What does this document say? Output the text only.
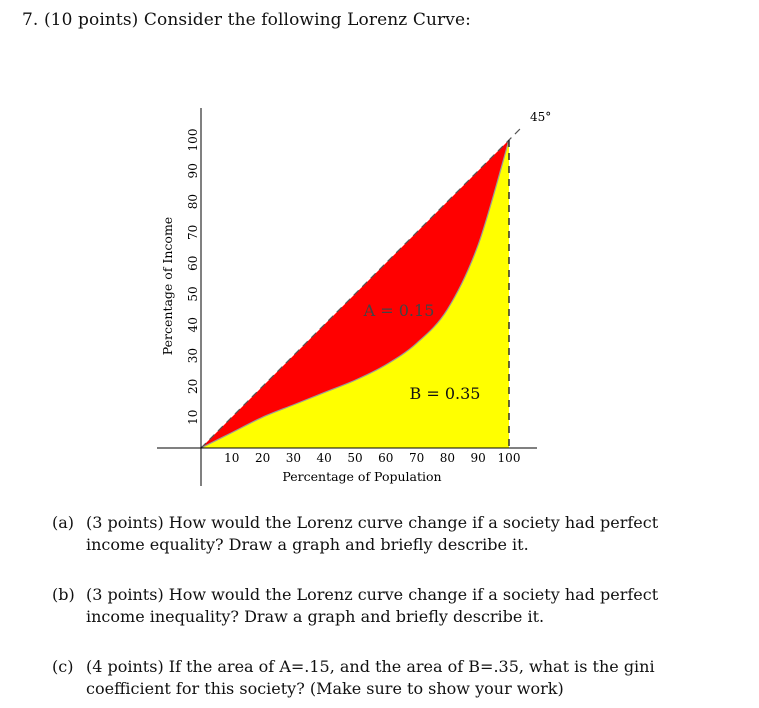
7. (10 points) Consider the following Lorenz Curve:
10 20 30 40 50 60 70 80 90 100
10
20
30
40
50
60
70
80
90
100
Percentage of Population
Percentage of Income
45°
A = 0.15
B = 0.35
(a) (3 points) How would the Lorenz curve change if a society had perfect income equality? Draw a graph and briefly describe it.
(b) (3 points) How would the Lorenz curve change if a society had perfect income inequality? Draw a graph and briefly describe it.
(c) (4 points) If the area of A=.15, and the area of B=.35, what is the gini coefficient for this society? (Make sure to show your work)
